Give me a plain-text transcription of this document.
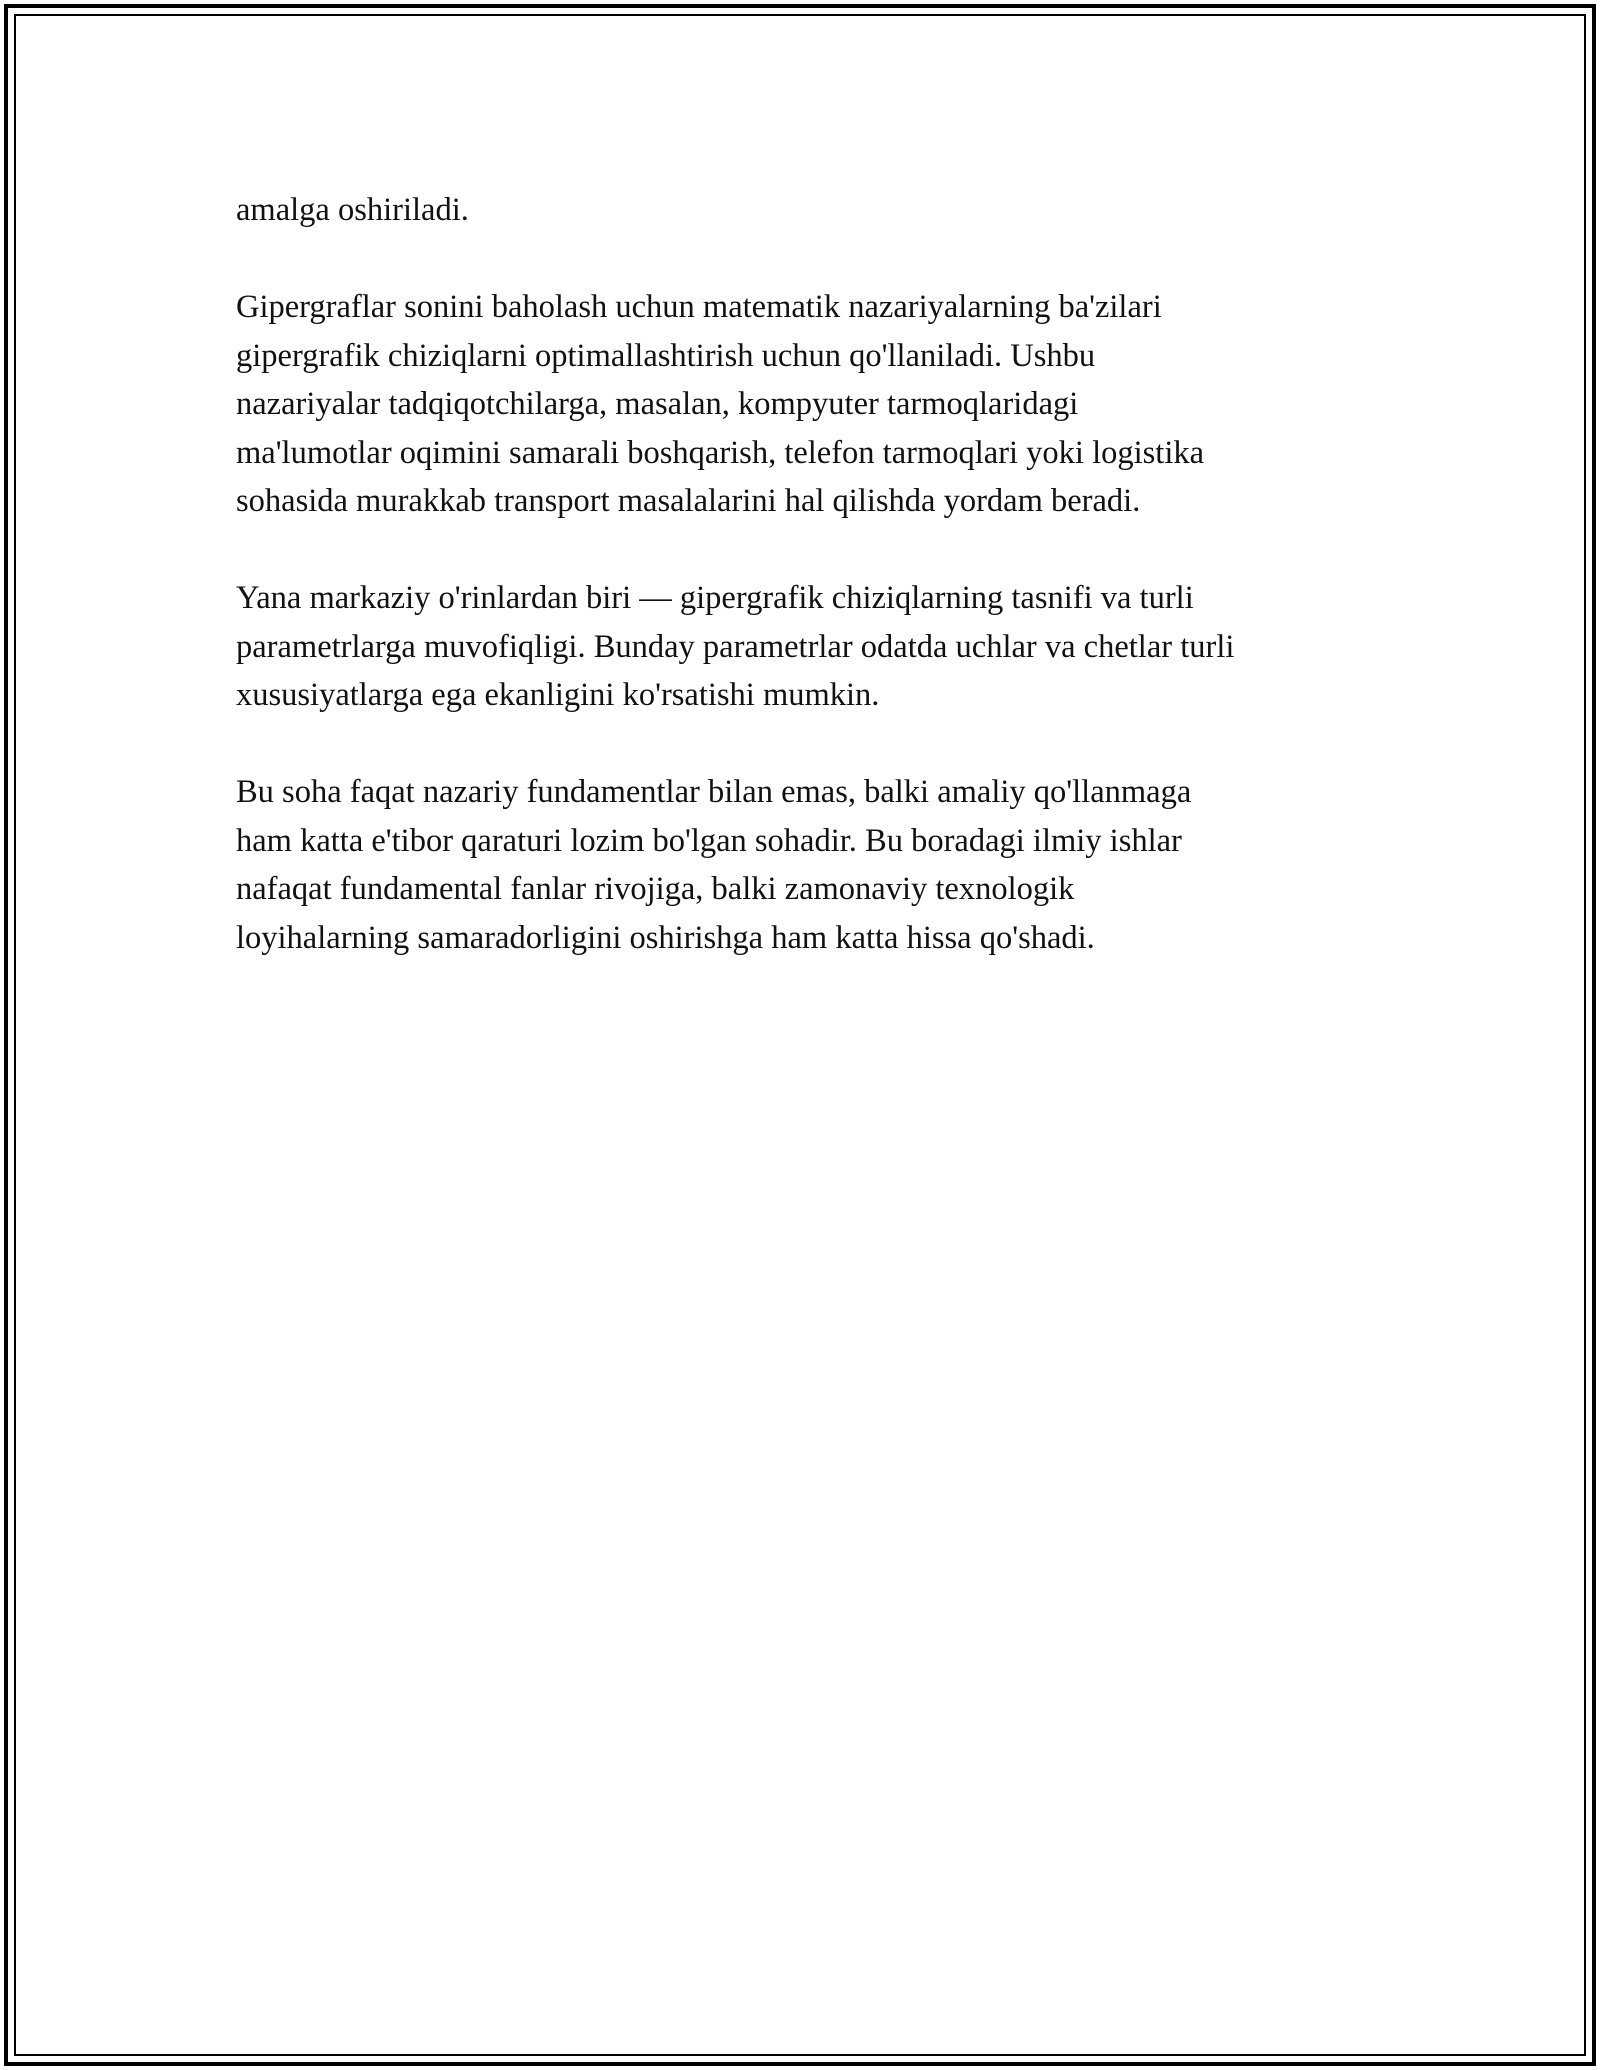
amalga oshiriladi.

Gipergraflar sonini baholash uchun matematik nazariyalarning ba'zilari
gipergrafik chiziqlarni optimallashtirish uchun qo'llaniladi. Ushbu
nazariyalar tadqiqotchilarga, masalan, kompyuter tarmoqlaridagi
ma'lumotlar oqimini samarali boshqarish, telefon tarmoqlari yoki logistika
sohasida murakkab transport masalalarini hal qilishda yordam beradi.

Yana markaziy o'rinlardan biri — gipergrafik chiziqlarning tasnifi va turli
parametrlarga muvofiqligi. Bunday parametrlar odatda uchlar va chetlar turli
xususiyatlarga ega ekanligini ko'rsatishi mumkin.

Bu soha faqat nazariy fundamentlar bilan emas, balki amaliy qo'llanmaga
ham katta e'tibor qaraturi lozim bo'lgan sohadir. Bu boradagi ilmiy ishlar
nafaqat fundamental fanlar rivojiga, balki zamonaviy texnologik
loyihalarning samaradorligini oshirishga ham katta hissa qo'shadi.
